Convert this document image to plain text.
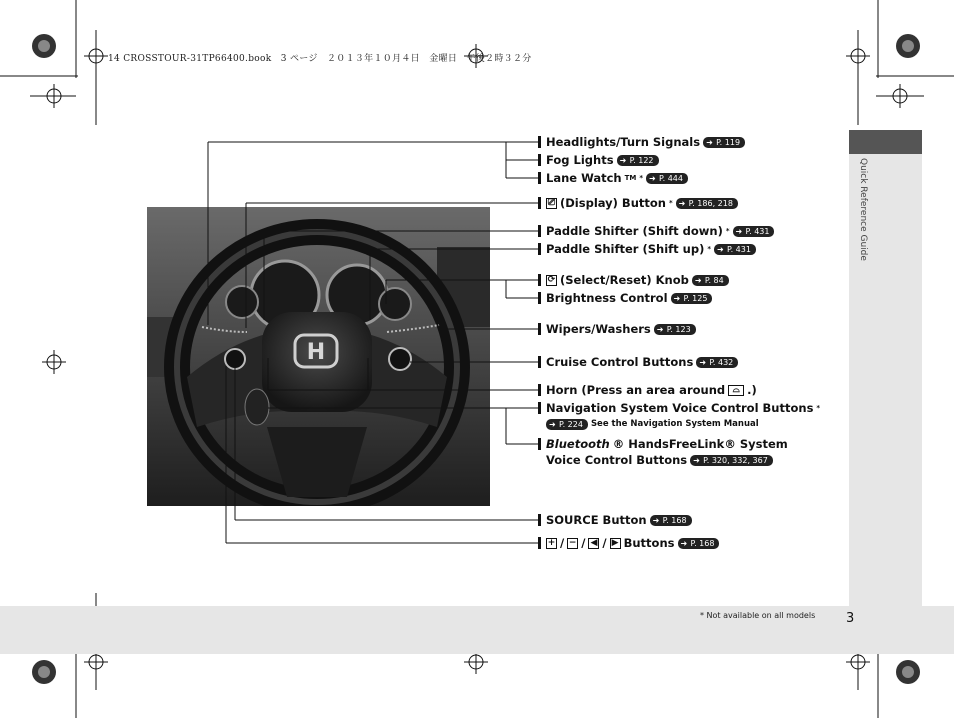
14 CROSSTOUR-31TP66400.book　3 ページ　２０１３年１０月４日　金曜日　午後２時３２分
Quick Reference Guide
* Not available on all models 3
H
Headlights/Turn Signals ➜ P. 119
Fog Lights ➜ P. 122
Lane Watch TM * ➜ P. 444
⎚ (Display) Button * ➜ P. 186, 218
Paddle Shifter (Shift down) * ➜ P. 431
Paddle Shifter (Shift up) * ➜ P. 431
⟳ (Select/Reset) Knob ➜ P. 84
Brightness Control ➜ P. 125
Wipers/Washers ➜ P. 123
Cruise Control Buttons ➜ P. 432
Horn (Press an area around ⌓ .)
Navigation System Voice Control Buttons *
➜ P. 224 See the Navigation System Manual
Bluetooth ® HandsFreeLink® System
Voice Control Buttons ➜ P. 320, 332, 367
SOURCE Button ➜ P. 168
+ / − / ◀ / ▶ Buttons ➜ P. 168
